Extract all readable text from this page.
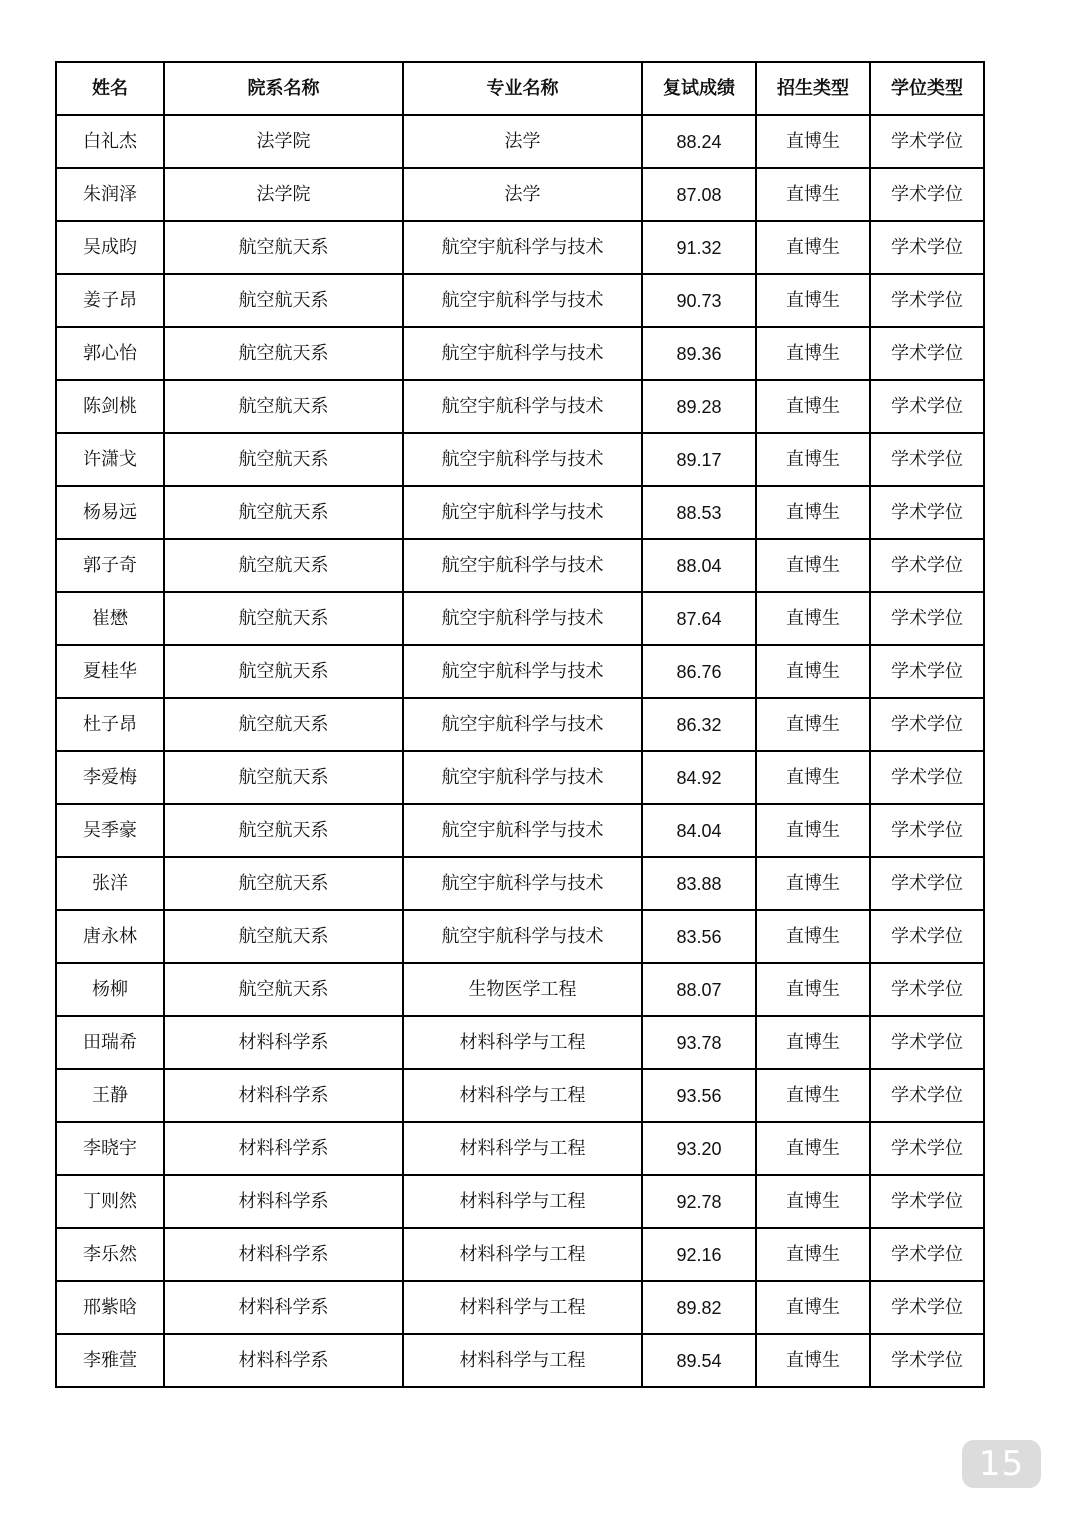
姓名	院系名称	专业名称	复试成绩	招生类型	学位类型
白礼杰	法学院	法学	88.24	直博生	学术学位
朱润泽	法学院	法学	87.08	直博生	学术学位
吴成昀	航空航天系	航空宇航科学与技术	91.32	直博生	学术学位
姜子昂	航空航天系	航空宇航科学与技术	90.73	直博生	学术学位
郭心怡	航空航天系	航空宇航科学与技术	89.36	直博生	学术学位
陈剑桃	航空航天系	航空宇航科学与技术	89.28	直博生	学术学位
许潇戈	航空航天系	航空宇航科学与技术	89.17	直博生	学术学位
杨易远	航空航天系	航空宇航科学与技术	88.53	直博生	学术学位
郭子奇	航空航天系	航空宇航科学与技术	88.04	直博生	学术学位
崔懋	航空航天系	航空宇航科学与技术	87.64	直博生	学术学位
夏桂华	航空航天系	航空宇航科学与技术	86.76	直博生	学术学位
杜子昂	航空航天系	航空宇航科学与技术	86.32	直博生	学术学位
李爱梅	航空航天系	航空宇航科学与技术	84.92	直博生	学术学位
吴季豪	航空航天系	航空宇航科学与技术	84.04	直博生	学术学位
张洋	航空航天系	航空宇航科学与技术	83.88	直博生	学术学位
唐永林	航空航天系	航空宇航科学与技术	83.56	直博生	学术学位
杨柳	航空航天系	生物医学工程	88.07	直博生	学术学位
田瑞希	材料科学系	材料科学与工程	93.78	直博生	学术学位
王静	材料科学系	材料科学与工程	93.56	直博生	学术学位
李晓宇	材料科学系	材料科学与工程	93.20	直博生	学术学位
丁则然	材料科学系	材料科学与工程	92.78	直博生	学术学位
李乐然	材料科学系	材料科学与工程	92.16	直博生	学术学位
邢紫晗	材料科学系	材料科学与工程	89.82	直博生	学术学位
李雅萱	材料科学系	材料科学与工程	89.54	直博生	学术学位
15
